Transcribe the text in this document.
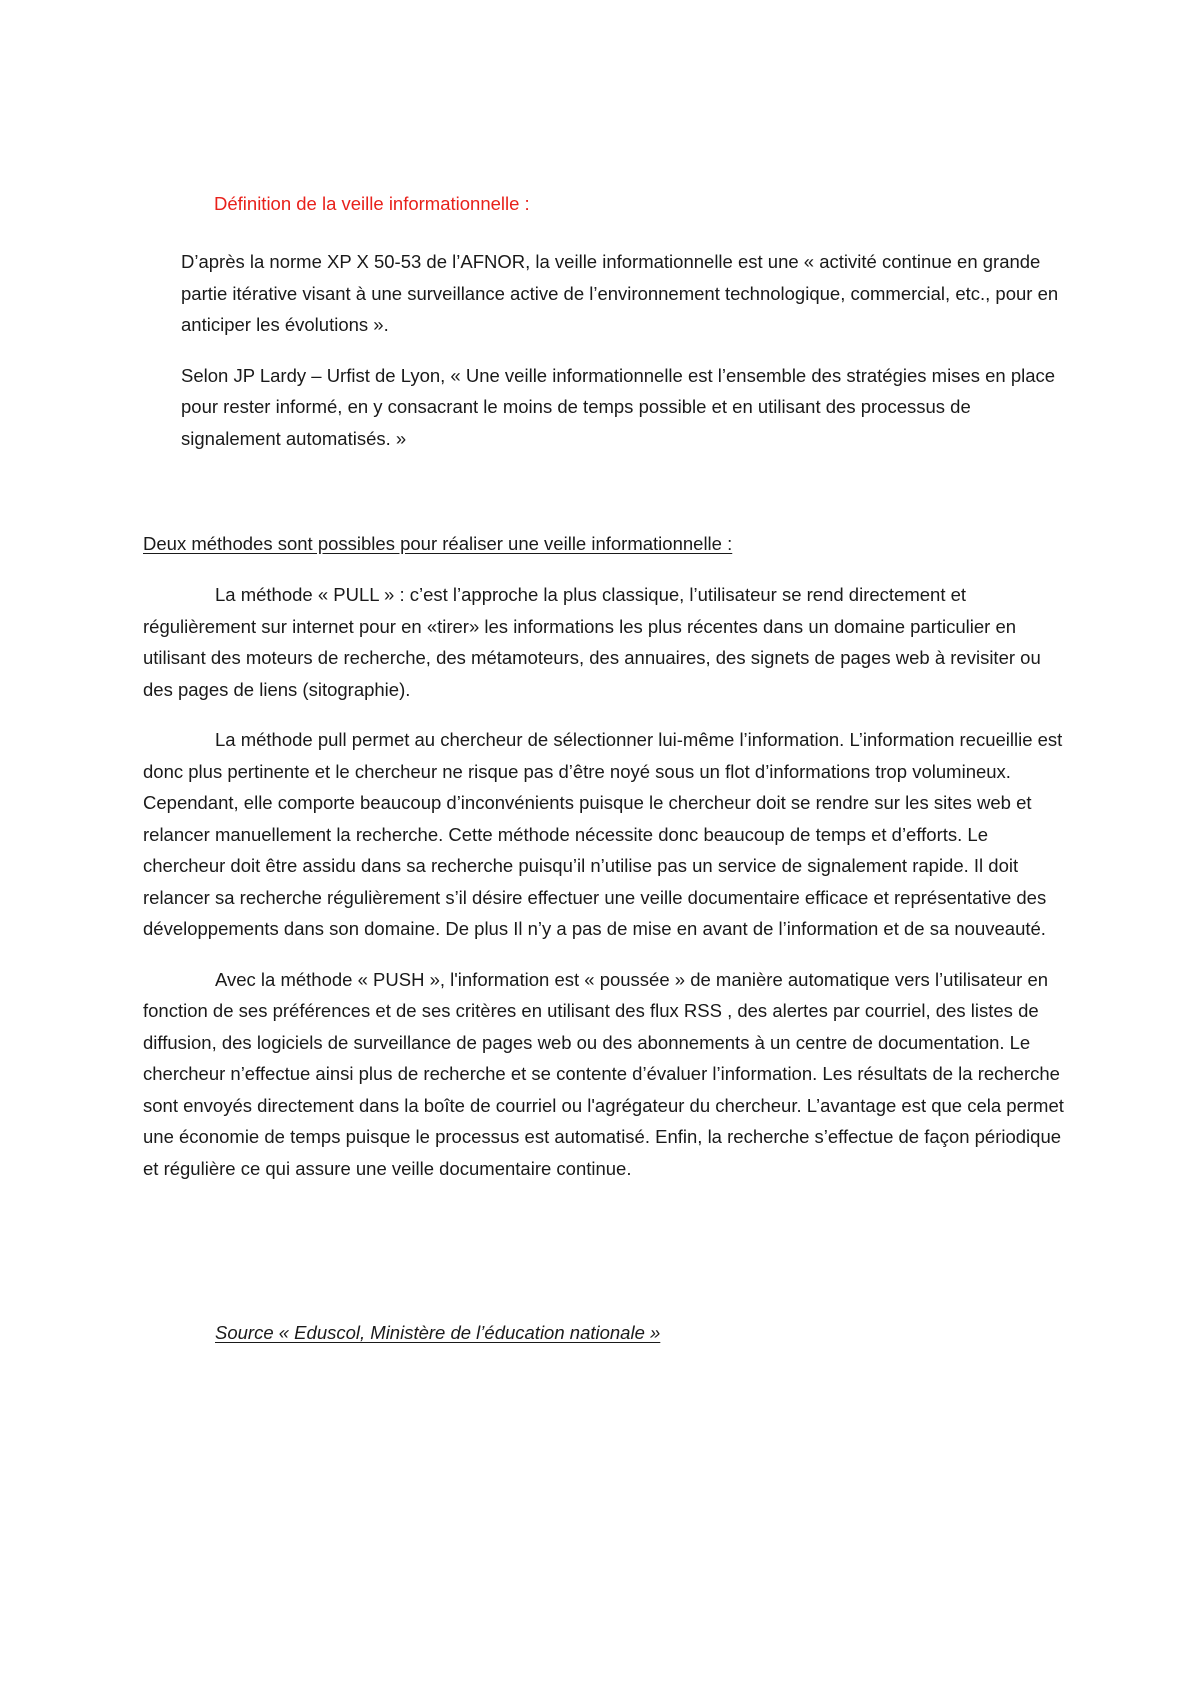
Définition de la veille informationnelle :

D’après la norme XP X 50-53 de l’AFNOR, la veille informationnelle est une « activité continue en grande partie itérative visant à une surveillance active de l’environnement technologique, commercial, etc., pour en anticiper les évolutions ».

Selon JP Lardy – Urfist de Lyon, « Une veille informationnelle est l’ensemble des stratégies mises en place pour rester informé, en y consacrant le moins de temps possible et en utilisant des processus de signalement automatisés. »

Deux méthodes sont possibles pour réaliser une veille informationnelle :

La méthode « PULL » : c’est l’approche la plus classique, l’utilisateur se rend directement et régulièrement sur internet pour en «tirer» les informations les plus récentes dans un domaine particulier en utilisant des moteurs de recherche, des métamoteurs, des annuaires, des signets de pages web à revisiter ou des pages de liens (sitographie).

La méthode pull permet au chercheur de sélectionner lui-même l’information. L’information recueillie est donc plus pertinente et le chercheur ne risque pas d’être noyé sous un flot d’informations trop volumineux. Cependant, elle comporte beaucoup d’inconvénients puisque le chercheur doit se rendre sur les sites web et relancer manuellement la recherche. Cette méthode nécessite donc beaucoup de temps et d’efforts. Le chercheur doit être assidu dans sa recherche puisqu’il n’utilise pas un service de signalement rapide. Il doit relancer sa recherche régulièrement s’il désire effectuer une veille documentaire efficace et représentative des développements dans son domaine. De plus Il n’y a pas de mise en avant de l’information et de sa nouveauté.

Avec la méthode « PUSH », l'information est « poussée » de manière automatique vers l’utilisateur en fonction de ses préférences et de ses critères en utilisant des flux RSS , des alertes par courriel, des listes de diffusion, des logiciels de surveillance de pages web ou des abonnements à un centre de documentation. Le chercheur n’effectue ainsi plus de recherche et se contente d’évaluer l’information. Les résultats de la recherche sont envoyés directement dans la boîte de courriel ou l'agrégateur du chercheur. L’avantage est que cela permet une économie de temps puisque le processus est automatisé. Enfin, la recherche s’effectue de façon périodique et régulière ce qui assure une veille documentaire continue.

Source « Eduscol, Ministère de l’éducation nationale »
